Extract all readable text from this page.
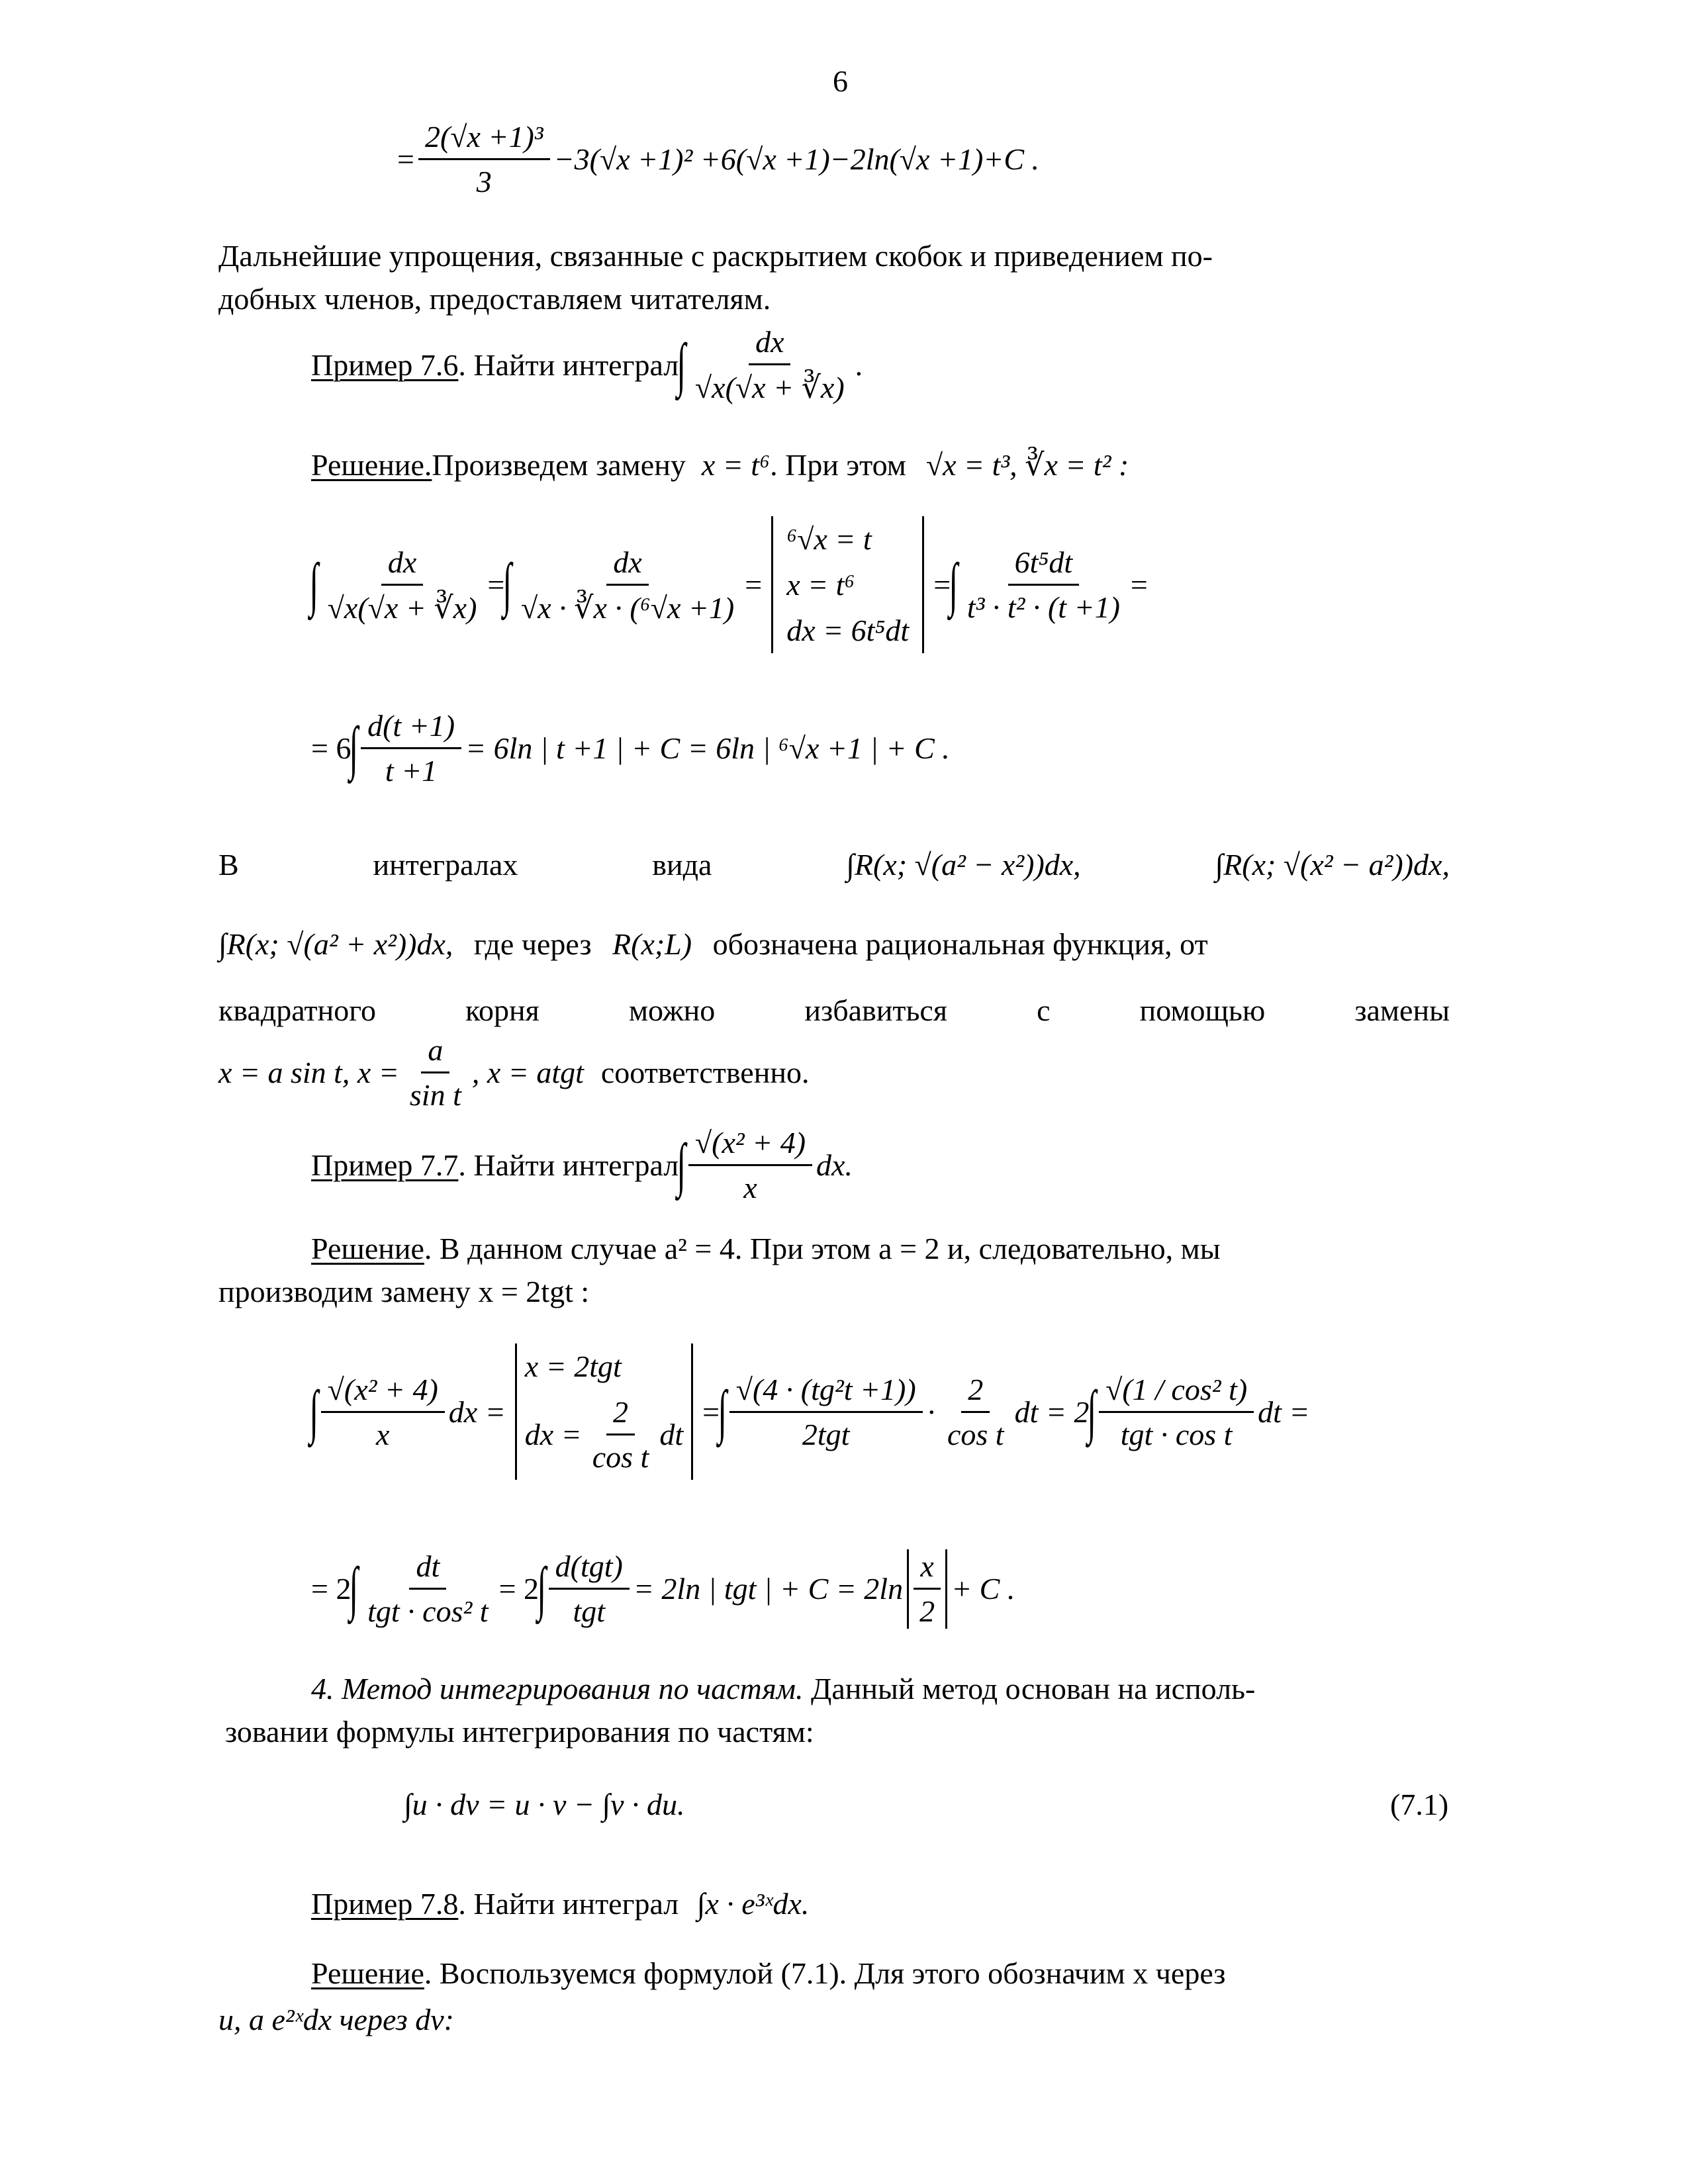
6
= $\frac{\text{2(√x +1)³}}{3} -3(√x +1)^2 +6(√x +1)-2\ln(√x +1)+C$ .
Дальнейшие упрощения, связанные с раскрытием скобок и приведением по-
добных членов, предоставляем читателям.
Пример 7.6 . Найти интеграл
∫ $\frac{dx}{√x(√x + ∛x)}$ .
Решение. Произведем замену x = t⁶ . При этом √x = t³, ∛x = t² :
∫ $\frac{dx}{√x(√x + ∛x)}$ =
∫ $\frac{dx}{\text{√x · ∛x · (⁶√x +1)}}$ =
⁶√x = t
x = t⁶
dx = 6t⁵dt
=
∫ $\frac{\text{6t⁵dt}}{\text{t³ · t² · (t +1)}}$ =
= 6
∫ $\frac{d(t +1)}{t +1} = 6\ln$ | t +1 | + C = 6ln | ⁶√x +1 | + C .
В	интегралах	вида	∫R(x; √(a² − x²))dx,	∫R(x; √(x² − a²))dx,
∫R(x; √(a² + x²))dx, где через R(x;L) обозначена рациональная функция, от
квадратного	корня	можно	избавиться	с	помощью	замены
x = a sin t, $x = \frac{a}{\text{sin t}}$ , x = atgt соответственно.
Пример 7.7 . Найти интеграл
∫ $\frac{\text{√(x² + 4)}}{x}$ dx.
Решение. В данном случае a² = 4. При этом a = 2 и, следовательно, мы
производим замену x = 2tgt :
∫ $\frac{\text{√(x² + 4)}}{x}$ dx =
x = 2tgt
dx = $\frac{2}{\text{cos t}}$ dt
=
∫ $\frac{\text{√(4 · (tg²t +1))}}{\text{2tgt}} \cdot \frac{2}{\text{cos t}}$ dt = 2
∫ $\frac{\text{√(1 / cos² t)}}{\text{tgt · cos t}}$ dt =
= 2
∫ $\frac{dt}{\text{tgt · cos² t}} = 2$
∫ $\frac{\text{d(tgt)}}{\text{tgt}} = 2\ln$ | tgt | + $C = 2\ln \frac{x}{2} + C$ .
4. Метод интегрирования по частям. Данный метод основан на исполь-
зовании формулы интегрирования по частям:
∫u · dv = u · v − ∫v · du.	(7.1)
Пример 7.8. Найти интеграл ∫x · e³ˣdx.
Решение. Воспользуемся формулой (7.1). Для этого обозначим x через
u, а e²ˣdx через dv:
